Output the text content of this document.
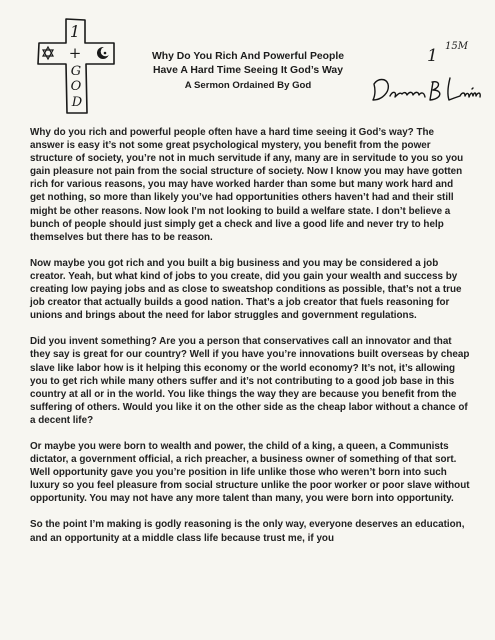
1
+
G
O
D
Why Do You Rich And Powerful People
Have A Hard Time Seeing It God’s Way
A Sermon Ordained By God
1 15M

Why do you rich and powerful people often have a hard time seeing it God’s way? The answer is easy it’s not some great psychological mystery, you benefit from the power structure of society, you’re not in much servitude if any, many are in servitude to you so you gain pleasure not pain from the social structure of society. Now I know you may have gotten rich for various reasons, you may have worked harder than some but many work hard and get nothing, so more than likely you’ve had opportunities others haven’t had and their still might be other reasons. Now look I’m not looking to build a welfare state. I don’t believe a bunch of people should just simply get a check and live a good life and never try to help themselves but there has to be reason.

Now maybe you got rich and you built a big business and you may be considered a job creator. Yeah, but what kind of jobs to you create, did you gain your wealth and success by creating low paying jobs and as close to sweatshop conditions as possible, that’s not a true job creator that actually builds a good nation. That’s a job creator that fuels reasoning for unions and brings about the need for labor struggles and government regulations.

Did you invent something? Are you a person that conservatives call an innovator and that they say is great for our country? Well if you have you’re innovations built overseas by cheap slave like labor how is it helping this economy or the world economy? It’s not, it’s allowing you to get rich while many others suffer and it’s not contributing to a good job base in this country at all or in the world. You like things the way they are because you benefit from the suffering of others. Would you like it on the other side as the cheap labor without a chance of a decent life?

Or maybe you were born to wealth and power, the child of a king, a queen, a Communists dictator, a government official, a rich preacher, a business owner of something of that sort. Well opportunity gave you you’re position in life unlike those who weren’t born into such luxury so you feel pleasure from social structure unlike the poor worker or poor slave without opportunity. You may not have any more talent than many, you were born into opportunity.

So the point I’m making is godly reasoning is the only way, everyone deserves an education, and an opportunity at a middle class life because trust me, if you
